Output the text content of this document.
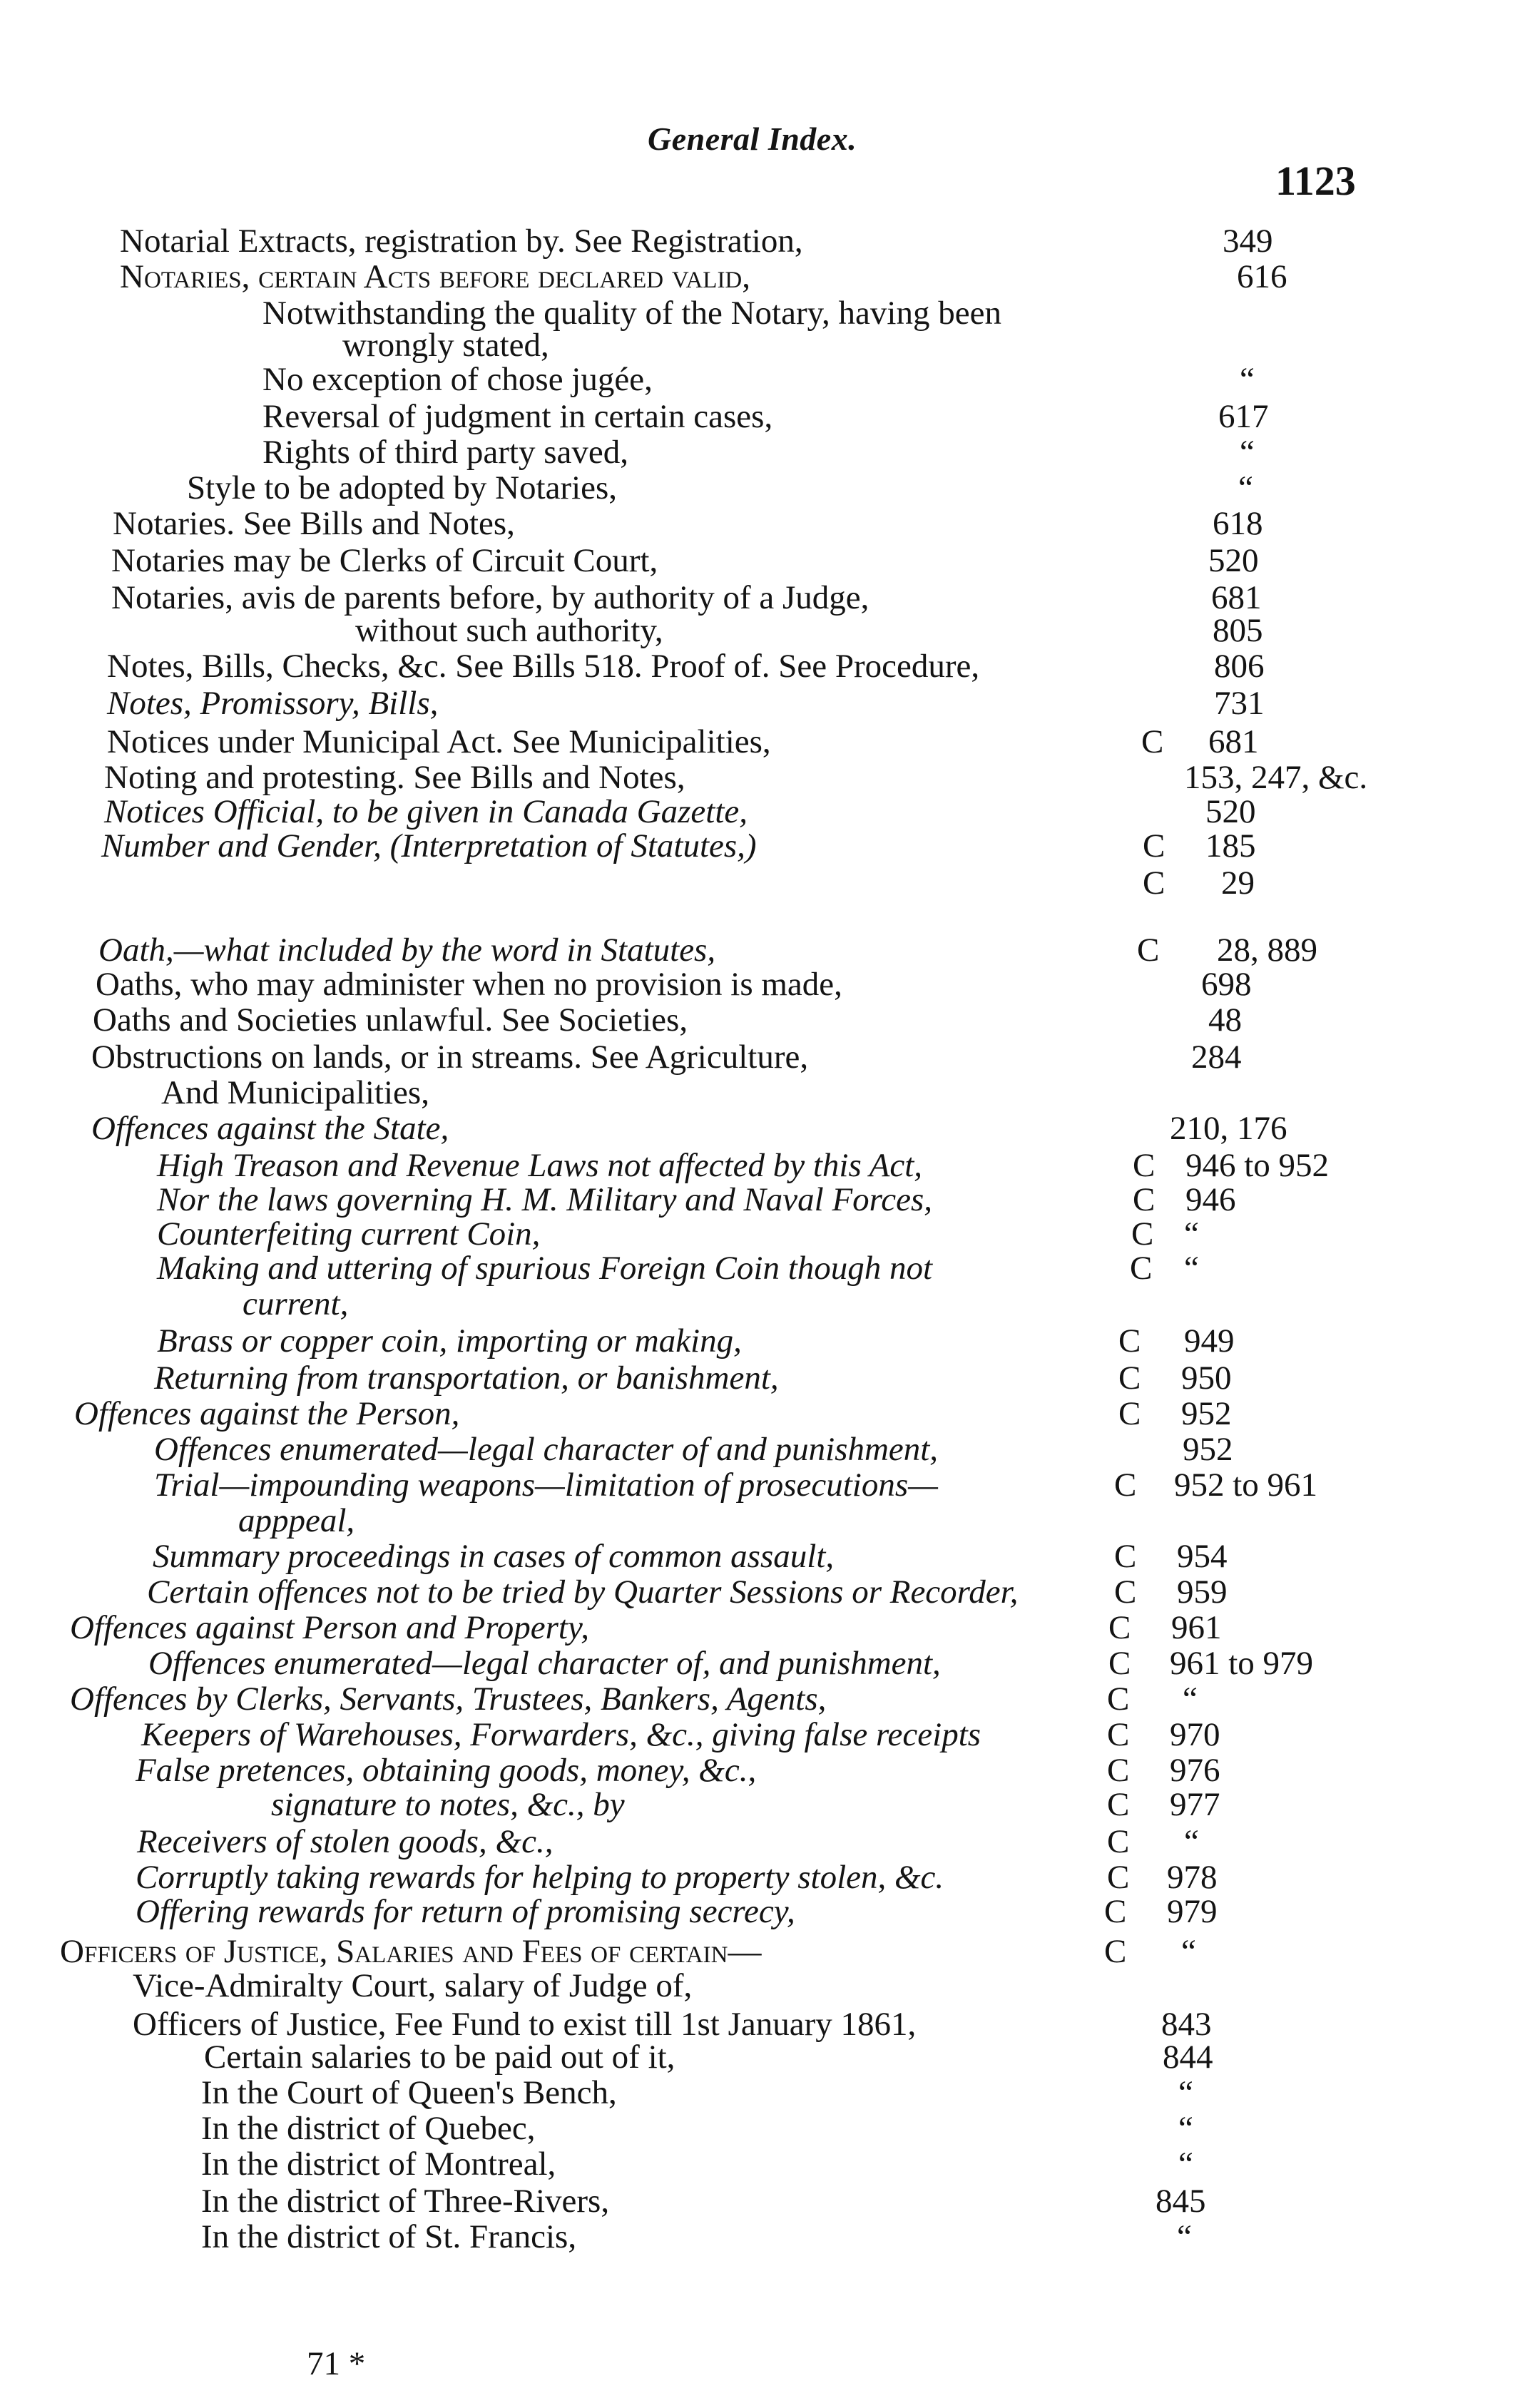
General Index.
1123
Notarial Extracts, registration by. See Registration,	349
Notaries, certain Acts before declared valid,	616
Notwithstanding the quality of the Notary, having been
wrongly stated,
No exception of chose jugée,	“
Reversal of judgment in certain cases,	617
Rights of third party saved,	“
Style to be adopted by Notaries,	“
Notaries. See Bills and Notes,	618
Notaries may be Clerks of Circuit Court,	520
Notaries, avis de parents before, by authority of a Judge,	681
without such authority,	805
Notes, Bills, Checks, &c. See Bills 518. Proof of. See Procedure,	806
Notes, Promissory, Bills,	731
Notices under Municipal Act. See Municipalities,	C 681
Noting and protesting. See Bills and Notes,	153, 247, &c.
Notices Official, to be given in Canada Gazette,	520
Number and Gender, (Interpretation of Statutes,)	C 185
C 29
Oath,—what included by the word in Statutes,	C 28, 889
Oaths, who may administer when no provision is made,	698
Oaths and Societies unlawful. See Societies,	48
Obstructions on lands, or in streams. See Agriculture,	284
And Municipalities,
Offences against the State,	210, 176
High Treason and Revenue Laws not affected by this Act,	C 946 to 952
Nor the laws governing H. M. Military and Naval Forces,	C 946
Counterfeiting current Coin,	C “
Making and uttering of spurious Foreign Coin though not	C “
current,
Brass or copper coin, importing or making,	C 949
Returning from transportation, or banishment,	C 950
Offences against the Person,	C 952
Offences enumerated—legal character of and punishment,	952
Trial—impounding weapons—limitation of prosecutions—	C 952 to 961
apppeal,
Summary proceedings in cases of common assault,	C 954
Certain offences not to be tried by Quarter Sessions or Recorder,	C 959
Offences against Person and Property,	C 961
Offences enumerated—legal character of, and punishment,	C 961 to 979
Offences by Clerks, Servants, Trustees, Bankers, Agents,	C “
Keepers of Warehouses, Forwarders, &c., giving false receipts	C 970
False pretences, obtaining goods, money, &c.,	C 976
signature to notes, &c., by	C 977
Receivers of stolen goods, &c.,	C “
Corruptly taking rewards for helping to property stolen, &c.	C 978
Offering rewards for return of promising secrecy,	C 979
Officers of Justice, Salaries and Fees of certain—	C “
Vice-Admiralty Court, salary of Judge of,
Officers of Justice, Fee Fund to exist till 1st January 1861,	843
Certain salaries to be paid out of it,	844
In the Court of Queen's Bench,	“
In the district of Quebec,	“
In the district of Montreal,	“
In the district of Three-Rivers,	845
In the district of St. Francis,	“
71 *
